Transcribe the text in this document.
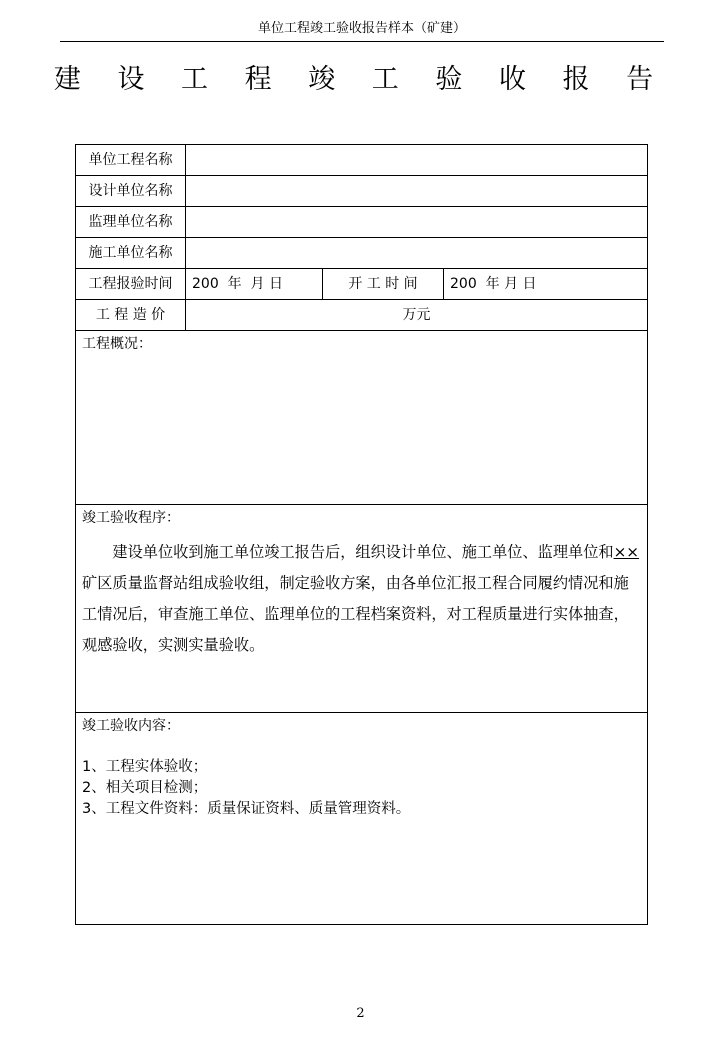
单位工程竣工验收报告样本（矿建）
建 设 工 程 竣 工 验 收 报 告
单位工程名称			
设计单位名称			
监理单位名称			
施工单位名称			
工程报验时间	200  年  月 日	开 工 时 间	200  年 月 日
工 程 造 价	万元		

工程概况：			

竣工验收程序：
建设单位收到施工单位竣工报告后，组织设计单位、施工单位、监理单位和××矿区质量监督站组成验收组，制定验收方案，由各单位汇报工程合同履约情况和施工情况后，审查施工单位、监理单位的工程档案资料，对工程质量进行实体抽查，观感验收，实测实量验收。			

竣工验收内容：
1、工程实体验收；
2、相关项目检测；
3、工程文件资料：质量保证资料、质量管理资料。			
2
